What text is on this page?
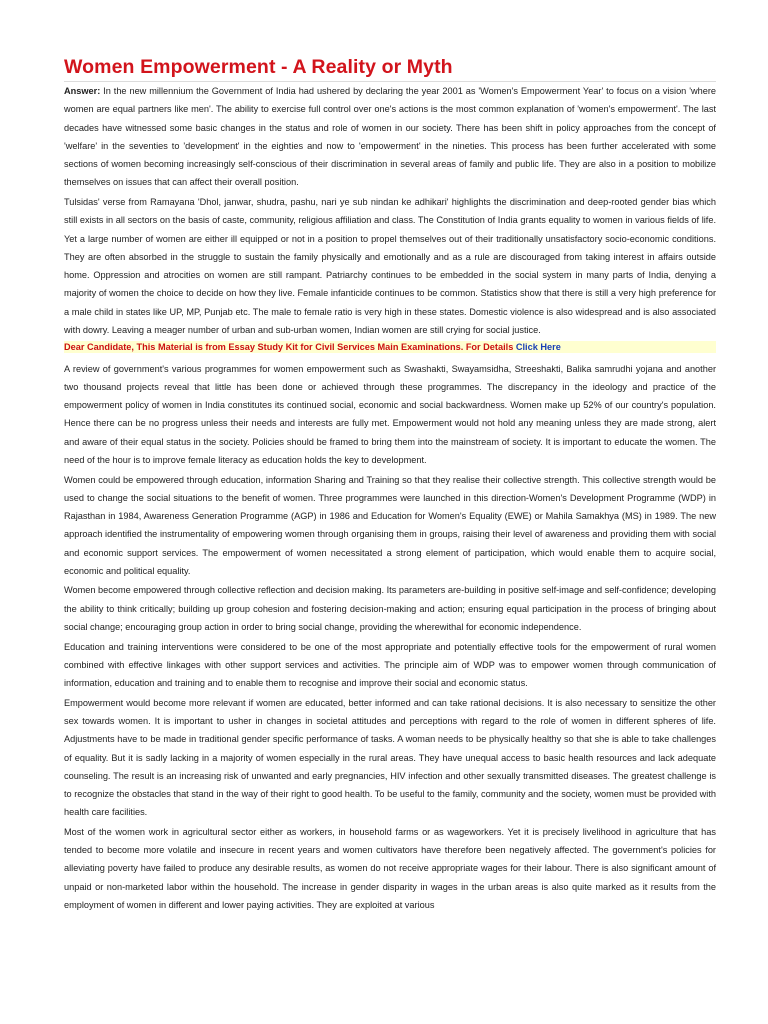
Women Empowerment - A Reality or Myth

Answer: In the new millennium the Government of India had ushered by declaring the year 2001 as 'Women's Empowerment Year' to focus on a vision 'where women are equal partners like men'. The ability to exercise full control over one's actions is the most common explanation of 'women's empowerment'. The last decades have witnessed some basic changes in the status and role of women in our society. There has been shift in policy approaches from the concept of 'welfare' in the seventies to 'development' in the eighties and now to 'empowerment' in the nineties. This process has been further accelerated with some sections of women becoming increasingly self-conscious of their discrimination in several areas of family and public life. They are also in a position to mobilize themselves on issues that can affect their overall position.

Tulsidas' verse from Ramayana 'Dhol, janwar, shudra, pashu, nari ye sub nindan ke adhikari' highlights the discrimination and deep-rooted gender bias which still exists in all sectors on the basis of caste, community, religious affiliation and class. The Constitution of India grants equality to women in various fields of life. Yet a large number of women are either ill equipped or not in a position to propel themselves out of their traditionally unsatisfactory socio-economic conditions. They are often absorbed in the struggle to sustain the family physically and emotionally and as a rule are discouraged from taking interest in affairs outside home. Oppression and atrocities on women are still rampant. Patriarchy continues to be embedded in the social system in many parts of India, denying a majority of women the choice to decide on how they live. Female infanticide continues to be common. Statistics show that there is still a very high preference for a male child in states like UP, MP, Punjab etc. The male to female ratio is very high in these states. Domestic violence is also widespread and is also associated with dowry. Leaving a meager number of urban and sub-urban women, Indian women are still crying for social justice.

Dear Candidate, This Material is from Essay Study Kit for Civil Services Main Examinations. For Details Click Here

A review of government's various programmes for women empowerment such as Swashakti, Swayamsidha, Streeshakti, Balika samrudhi yojana and another two thousand projects reveal that little has been done or achieved through these programmes. The discrepancy in the ideology and practice of the empowerment policy of women in India constitutes its continued social, economic and social backwardness. Women make up 52% of our country's population. Hence there can be no progress unless their needs and interests are fully met. Empowerment would not hold any meaning unless they are made strong, alert and aware of their equal status in the society. Policies should be framed to bring them into the mainstream of society. It is important to educate the women. The need of the hour is to improve female literacy as education holds the key to development.

Women could be empowered through education, information Sharing and Training so that they realise their collective strength. This collective strength would be used to change the social situations to the benefit of women. Three programmes were launched in this direction-Women's Development Programme (WDP) in Rajasthan in 1984, Awareness Generation Programme (AGP) in 1986 and Education for Women's Equality (EWE) or Mahila Samakhya (MS) in 1989. The new approach identified the instrumentality of empowering women through organising them in groups, raising their level of awareness and providing them with social and economic support services. The empowerment of women necessitated a strong element of participation, which would enable them to acquire social, economic and political equality.

Women become empowered through collective reflection and decision making. Its parameters are-building in positive self-image and self-confidence; developing the ability to think critically; building up group cohesion and fostering decision-making and action; ensuring equal participation in the process of bringing about social change; encouraging group action in order to bring social change, providing the wherewithal for economic independence.

Education and training interventions were considered to be one of the most appropriate and potentially effective tools for the empowerment of rural women combined with effective linkages with other support services and activities. The principle aim of WDP was to empower women through communication of information, education and training and to enable them to recognise and improve their social and economic status.

Empowerment would become more relevant if women are educated, better informed and can take rational decisions. It is also necessary to sensitize the other sex towards women. It is important to usher in changes in societal attitudes and perceptions with regard to the role of women in different spheres of life. Adjustments have to be made in traditional gender specific performance of tasks. A woman needs to be physically healthy so that she is able to take challenges of equality. But it is sadly lacking in a majority of women especially in the rural areas. They have unequal access to basic health resources and lack adequate counseling. The result is an increasing risk of unwanted and early pregnancies, HIV infection and other sexually transmitted diseases. The greatest challenge is to recognize the obstacles that stand in the way of their right to good health. To be useful to the family, community and the society, women must be provided with health care facilities.

Most of the women work in agricultural sector either as workers, in household farms or as wageworkers. Yet it is precisely livelihood in agriculture that has tended to become more volatile and insecure in recent years and women cultivators have therefore been negatively affected. The government's policies for alleviating poverty have failed to produce any desirable results, as women do not receive appropriate wages for their labour. There is also significant amount of unpaid or non-marketed labor within the household. The increase in gender disparity in wages in the urban areas is also quite marked as it results from the employment of women in different and lower paying activities. They are exploited at various
